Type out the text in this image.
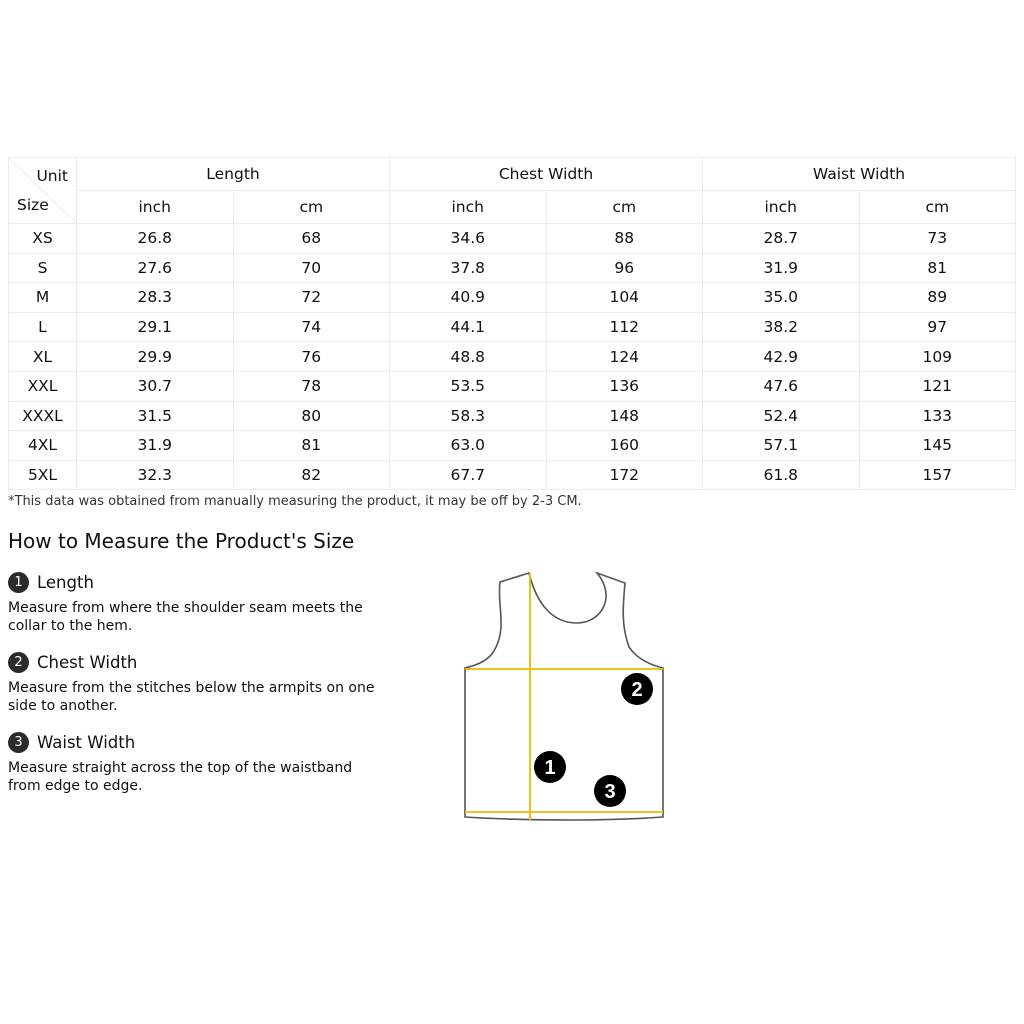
Unit
Size	Length		Chest Width		Waist Width	
	inch	cm	inch	cm	inch	cm
XS	26.8	68	34.6	88	28.7	73
S	27.6	70	37.8	96	31.9	81
M	28.3	72	40.9	104	35.0	89
L	29.1	74	44.1	112	38.2	97
XL	29.9	76	48.8	124	42.9	109
XXL	30.7	78	53.5	136	47.6	121
XXXL	31.5	80	58.3	148	52.4	133
4XL	31.9	81	63.0	160	57.1	145
5XL	32.3	82	67.7	172	61.8	157

*This data was obtained from manually measuring the product, it may be off by 2-3 CM.

How to Measure the Product's Size
1 Length
Measure from where the shoulder seam meets the collar to the hem.
2 Chest Width
Measure from the stitches below the armpits on one side to another.
3 Waist Width
Measure straight across the top of the waistband from edge to edge.
1
2
3
